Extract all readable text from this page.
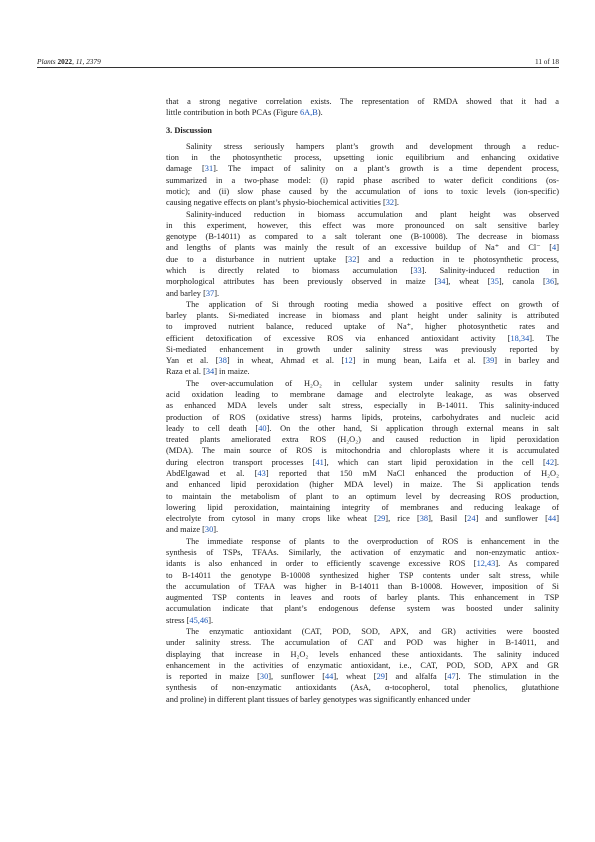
Plants 2022, 11, 2379	11 of 18

that a strong negative correlation exists. The representation of RMDA showed that it had a
little contribution in both PCAs (Figure 6A,B).

3. Discussion

Salinity stress seriously hampers plant’s growth and development through a reduc-
tion in the photosynthetic process, upsetting ionic equilibrium and enhancing oxidative
damage [31]. The impact of salinity on a plant’s growth is a time dependent process,
summarized in a two-phase model: (i) rapid phase ascribed to water deficit conditions (os-
motic); and (ii) slow phase caused by the accumulation of ions to toxic levels (ion-specific)
causing negative effects on plant’s physio-biochemical activities [32].

Salinity-induced reduction in biomass accumulation and plant height was observed
in this experiment, however, this effect was more pronounced on salt sensitive barley
genotype (B-14011) as compared to a salt tolerant one (B-10008). The decrease in biomass
and lengths of plants was mainly the result of an excessive buildup of Na⁺ and Cl⁻ [4]
due to a disturbance in nutrient uptake [32] and a reduction in te photosynthetic process,
which is directly related to biomass accumulation [33]. Salinity-induced reduction in
morphological attributes has been previously observed in maize [34], wheat [35], canola [36],
and barley [37].

The application of Si through rooting media showed a positive effect on growth of
barley plants. Si-mediated increase in biomass and plant height under salinity is attributed
to improved nutrient balance, reduced uptake of Na⁺, higher photosynthetic rates and
efficient detoxification of excessive ROS via enhanced antioxidant activity [18,34]. The
Si-mediated enhancement in growth under salinity stress was previously reported by
Yan et al. [38] in wheat, Ahmad et al. [12] in mung bean, Laifa et al. [39] in barley and
Raza et al. [34] in maize.

The over-accumulation of H₂O₂ in cellular system under salinity results in fatty
acid oxidation leading to membrane damage and electrolyte leakage, as was observed
as enhanced MDA levels under salt stress, especially in B-14011. This salinity-induced
production of ROS (oxidative stress) harms lipids, proteins, carbohydrates and nucleic acid
leady to cell death [40]. On the other hand, Si application through external means in salt
treated plants ameliorated extra ROS (H₂O₂) and caused reduction in lipid peroxidation
(MDA). The main source of ROS is mitochondria and chloroplasts where it is accumulated
during electron transport processes [41], which can start lipid peroxidation in the cell [42].
AbdElgawad et al. [43] reported that 150 mM NaCl enhanced the production of H₂O₂
and enhanced lipid peroxidation (higher MDA level) in maize. The Si application tends
to maintain the metabolism of plant to an optimum level by decreasing ROS production,
lowering lipid peroxidation, maintaining integrity of membranes and reducing leakage of
electrolyte from cytosol in many crops like wheat [29], rice [38], Basil [24] and sunflower [44]
and maize [30].

The immediate response of plants to the overproduction of ROS is enhancement in the
synthesis of TSPs, TFAAs. Similarly, the activation of enzymatic and non-enzymatic antiox-
idants is also enhanced in order to efficiently scavenge excessive ROS [12,43]. As compared
to B-14011 the genotype B-10008 synthesized higher TSP contents under salt stress, while
the accumulation of TFAA was higher in B-14011 than B-10008. However, imposition of Si
augmented TSP contents in leaves and roots of barley plants. This enhancement in TSP
accumulation indicate that plant’s endogenous defense system was boosted under salinity
stress [45,46].

The enzymatic antioxidant (CAT, POD, SOD, APX, and GR) activities were boosted
under salinity stress. The accumulation of CAT and POD was higher in B-14011, and
displaying that increase in H₂O₂ levels enhanced these antioxidants. The salinity induced
enhancement in the activities of enzymatic antioxidant, i.e., CAT, POD, SOD, APX and GR
is reported in maize [30], sunflower [44], wheat [29] and alfalfa [47]. The stimulation in the
synthesis of non-enzymatic antioxidants (AsA, α-tocopherol, total phenolics, glutathione
and proline) in different plant tissues of barley genotypes was significantly enhanced under
